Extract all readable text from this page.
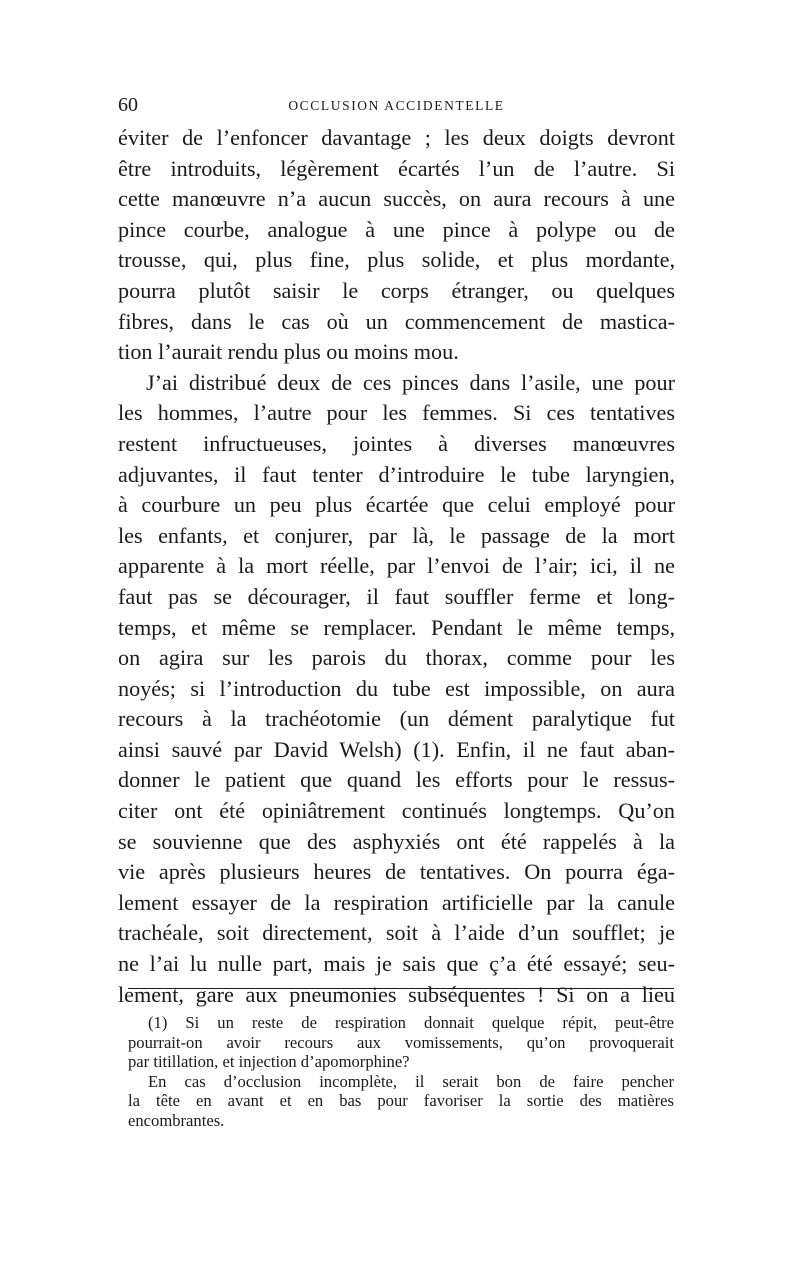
60	OCCLUSION ACCIDENTELLE
éviter de l’enfoncer davantage ; les deux doigts devront
être introduits, légèrement écartés l’un de l’autre. Si
cette manœuvre n’a aucun succès, on aura recours à une
pince courbe, analogue à une pince à polype ou de
trousse, qui, plus fine, plus solide, et plus mordante,
pourra plutôt saisir le corps étranger, ou quelques
fibres, dans le cas où un commencement de mastica-
tion l’aurait rendu plus ou moins mou.
J’ai distribué deux de ces pinces dans l’asile, une pour
les hommes, l’autre pour les femmes. Si ces tentatives
restent infructueuses, jointes à diverses manœuvres
adjuvantes, il faut tenter d’introduire le tube laryngien,
à courbure un peu plus écartée que celui employé pour
les enfants, et conjurer, par là, le passage de la mort
apparente à la mort réelle, par l’envoi de l’air; ici, il ne
faut pas se décourager, il faut souffler ferme et long-
temps, et même se remplacer. Pendant le même temps,
on agira sur les parois du thorax, comme pour les
noyés; si l’introduction du tube est impossible, on aura
recours à la trachéotomie (un dément paralytique fut
ainsi sauvé par David Welsh) (1). Enfin, il ne faut aban-
donner le patient que quand les efforts pour le ressus-
citer ont été opiniâtrement continués longtemps. Qu’on
se souvienne que des asphyxiés ont été rappelés à la
vie après plusieurs heures de tentatives. On pourra éga-
lement essayer de la respiration artificielle par la canule
trachéale, soit directement, soit à l’aide d’un soufflet; je
ne l’ai lu nulle part, mais je sais que ç’a été essayé; seu-
lement, gare aux pneumonies subséquentes ! Si on a lieu
(1) Si un reste de respiration donnait quelque répit, peut-être
pourrait-on avoir recours aux vomissements, qu’on provoquerait
par titillation, et injection d’apomorphine?
En cas d’occlusion incomplète, il serait bon de faire pencher
la tête en avant et en bas pour favoriser la sortie des matières
encombrantes.
